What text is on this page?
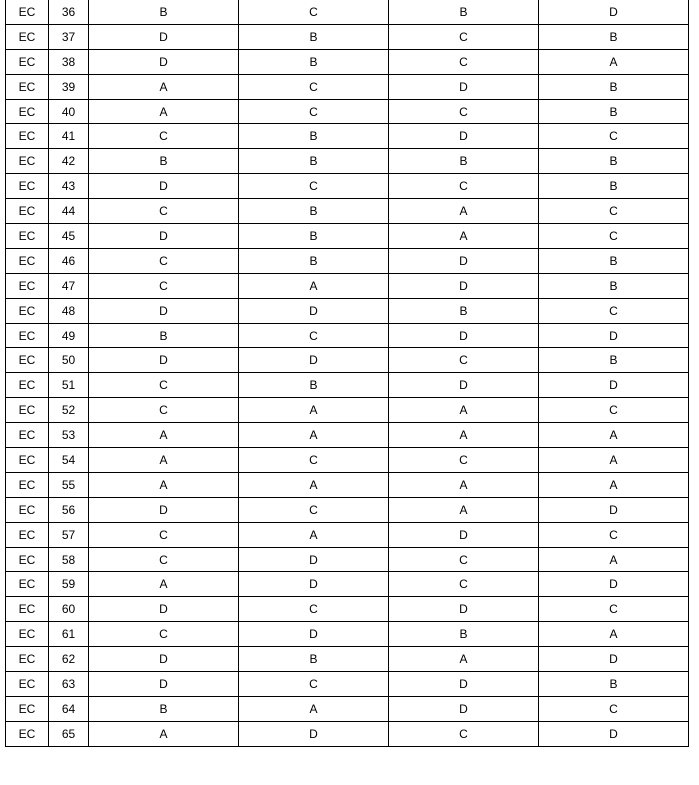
EC	36	B	C	B	D
EC	37	D	B	C	B
EC	38	D	B	C	A
EC	39	A	C	D	B
EC	40	A	C	C	B
EC	41	C	B	D	C
EC	42	B	B	B	B
EC	43	D	C	C	B
EC	44	C	B	A	C
EC	45	D	B	A	C
EC	46	C	B	D	B
EC	47	C	A	D	B
EC	48	D	D	B	C
EC	49	B	C	D	D
EC	50	D	D	C	B
EC	51	C	B	D	D
EC	52	C	A	A	C
EC	53	A	A	A	A
EC	54	A	C	C	A
EC	55	A	A	A	A
EC	56	D	C	A	D
EC	57	C	A	D	C
EC	58	C	D	C	A
EC	59	A	D	C	D
EC	60	D	C	D	C
EC	61	C	D	B	A
EC	62	D	B	A	D
EC	63	D	C	D	B
EC	64	B	A	D	C
EC	65	A	D	C	D
